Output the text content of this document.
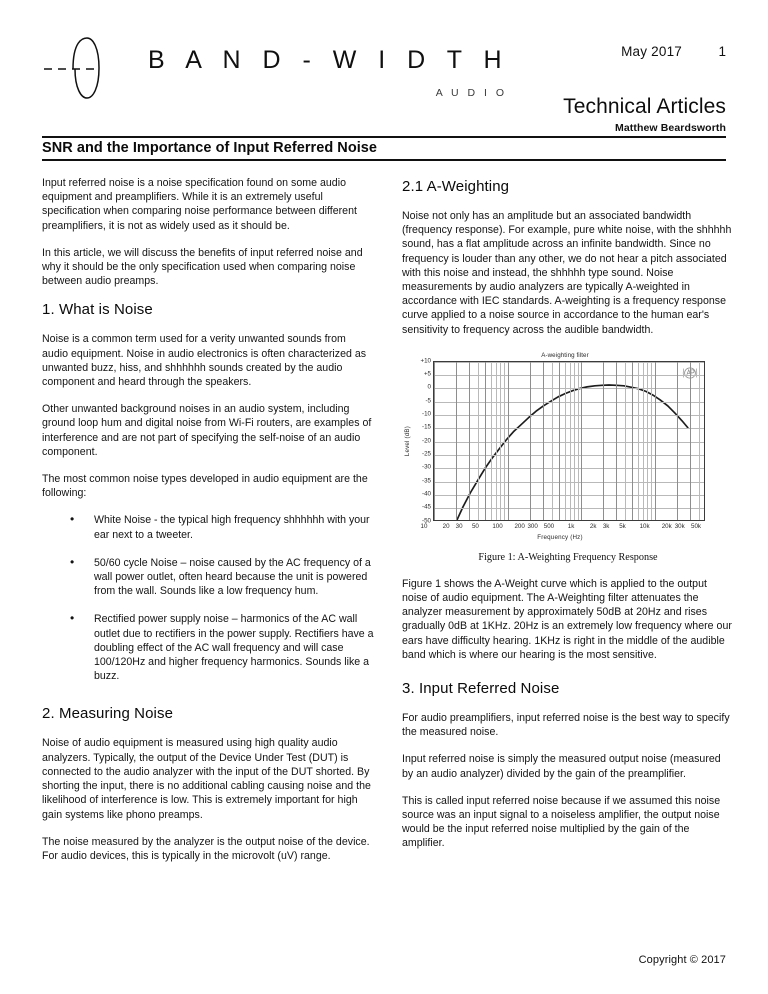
B A N D - W I D T H
A U D I O
May 2017	1
Technical Articles
Matthew Beardsworth
SNR and the Importance of Input Referred Noise

Input referred noise is a noise specification found on some audio equipment and preamplifiers. While it is an extremely useful specification when comparing noise performance between different preamplifiers, it is not as widely used as it should be.

In this article, we will discuss the benefits of input referred noise and why it should be the only specification used when comparing noise between audio preamps.

1. What is Noise

Noise is a common term used for a verity unwanted sounds from audio equipment. Noise in audio electronics is often characterized as unwanted buzz, hiss, and shhhhhh sounds created by the audio component and heard through the speakers.

Other unwanted background noises in an audio system, including ground loop hum and digital noise from Wi-Fi routers, are examples of interference and are not part of specifying the self-noise of an audio component.

The most common noise types developed in audio equipment are the following:

• White Noise - the typical high frequency shhhhhh with your ear next to a tweeter.
• 50/60 cycle Noise – noise caused by the AC frequency of a wall power outlet, often heard because the unit is powered from the wall. Sounds like a low frequency hum.
• Rectified power supply noise – harmonics of the AC wall outlet due to rectifiers in the power supply. Rectifiers have a doubling effect of the AC wall frequency and will case 100/120Hz and higher frequency harmonics. Sounds like a buzz.
2. Measuring Noise

Noise of audio equipment is measured using high quality audio analyzers. Typically, the output of the Device Under Test (DUT) is connected to the audio analyzer with the input of the DUT shorted. By shorting the input, there is no additional cabling causing noise and the likelihood of interference is low. This is extremely important for high gain systems like phono preamps.

The noise measured by the analyzer is the output noise of the device. For audio devices, this is typically in the microvolt (uV) range.

2.1 A-Weighting

Noise not only has an amplitude but an associated bandwidth (frequency response). For example, pure white noise, with the shhhhh sound, has a flat amplitude across an infinite bandwidth. Since no frequency is louder than any other, we do not hear a pitch associated with this noise and instead, the shhhhh type sound. Noise measurements by audio analyzers are typically A-weighted in accordance with IEC standards. A-weighting is a frequency response curve applied to a noise source in accordance to the human ear's sensitivity to frequency across the audible bandwidth.

A-weighting filter
Level (dB)
+10
+5
0
-5
-10
-15
-20
-25
-30
-35
-40
-45
-50
10 20 30 50 100 200 300 500 1k	2k 3k 5k 10k 20k 30k 50k
Frequency (Hz)
Figure 1: A-Weighting Frequency Response

Figure 1 shows the A-Weight curve which is applied to the output noise of audio equipment. The A-Weighting filter attenuates the analyzer measurement by approximately 50dB at 20Hz and rises gradually 0dB at 1KHz. 20Hz is an extremely low frequency where our ears have difficulty hearing. 1KHz is right in the middle of the audible band which is where our hearing is the most sensitive.

3. Input Referred Noise

For audio preamplifiers, input referred noise is the best way to specify the measured noise.

Input referred noise is simply the measured output noise (measured by an audio analyzer) divided by the gain of the preamplifier.

This is called input referred noise because if we assumed this noise source was an input signal to a noiseless amplifier, the output noise would be the input referred noise multiplied by the gain of the amplifier.

Copyright © 2017
